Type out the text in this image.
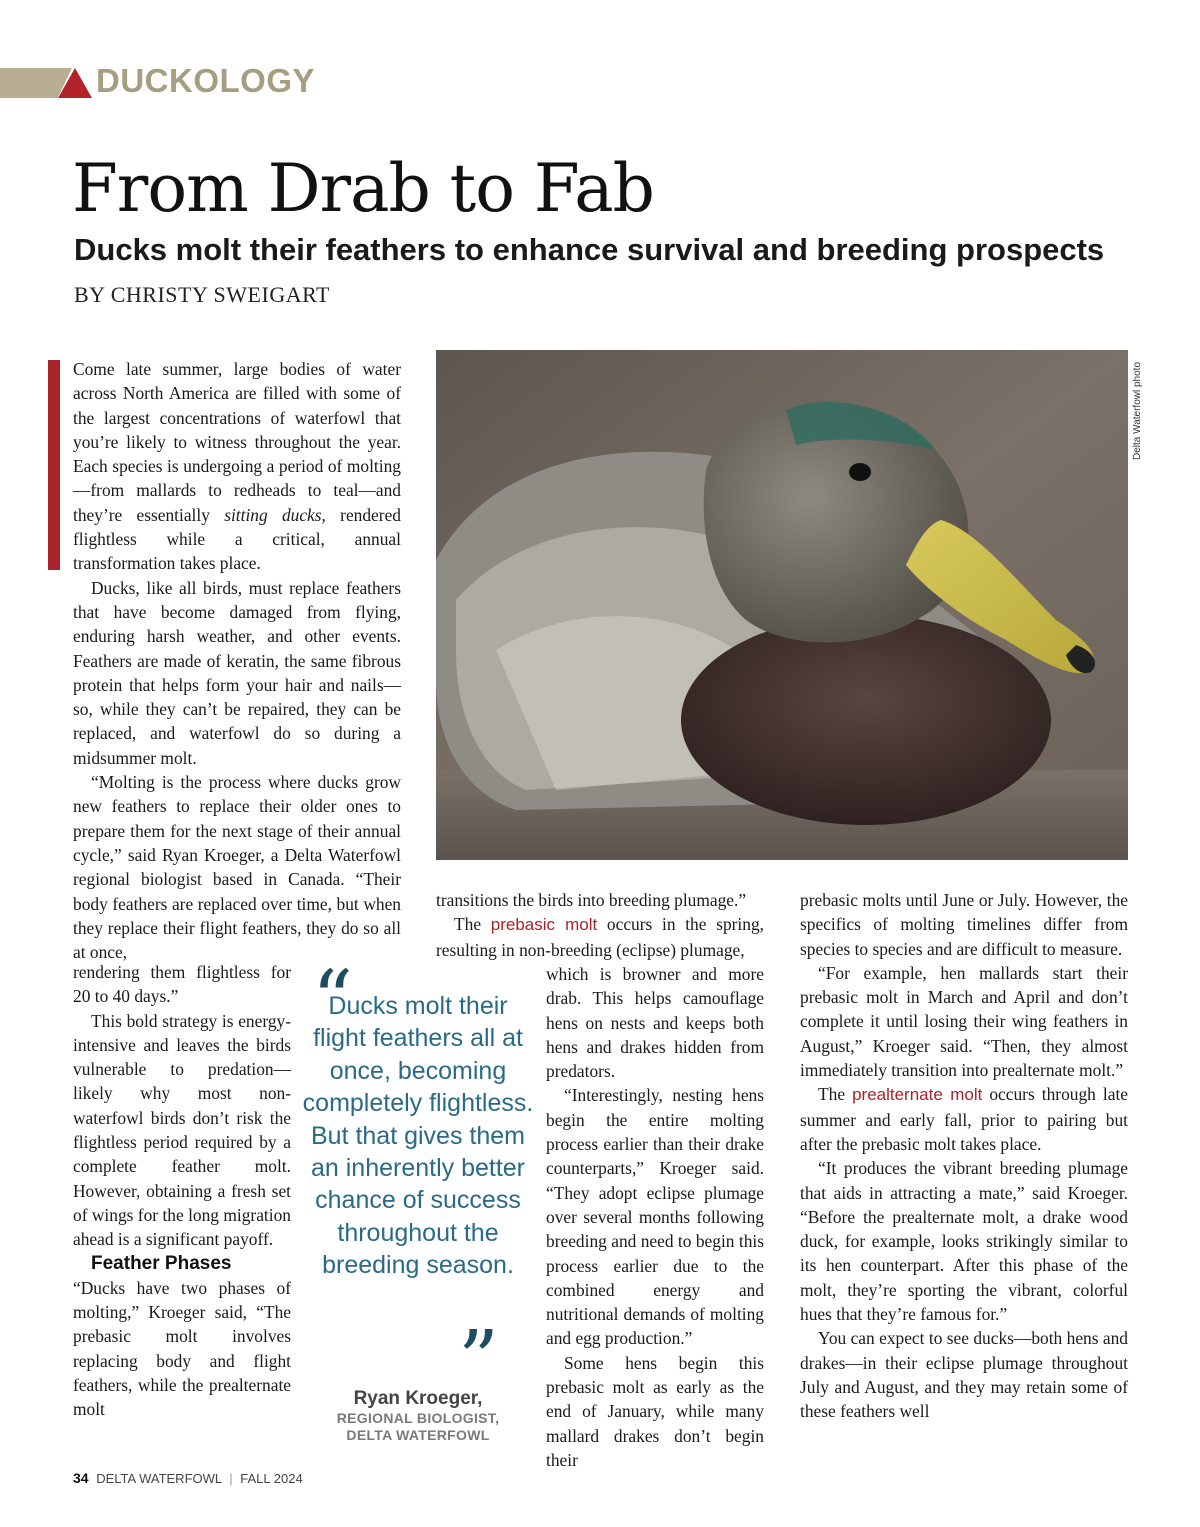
DUCKOLOGY
From Drab to Fab
Ducks molt their feathers to enhance survival and breeding prospects
BY CHRISTY SWEIGART
Delta Waterfowl photo

Come late summer, large bodies of water across North America are filled with some of the largest concentrations of waterfowl that you’re likely to witness throughout the year. Each species is undergoing a period of molting—from mallards to redheads to teal—and they’re essentially sitting ducks, rendered flightless while a critical, annual transformation takes place.

Ducks, like all birds, must replace feathers that have become damaged from flying, enduring harsh weather, and other events. Feathers are made of keratin, the same fibrous protein that helps form your hair and nails—so, while they can’t be repaired, they can be replaced, and waterfowl do so during a midsummer molt.

“Molting is the process where ducks grow new feathers to replace their older ones to prepare them for the next stage of their annual cycle,” said Ryan Kroeger, a Delta Waterfowl regional biologist based in Canada. “Their body feathers are replaced over time, but when they replace their flight feathers, they do so all at once,

rendering them flightless for 20 to 40 days.”

This bold strategy is energy-intensive and leaves the birds vulnerable to predation—likely why most non-waterfowl birds don’t risk the flightless period required by a complete feather molt. However, obtaining a fresh set of wings for the long migration ahead is a significant payoff.

Feather Phases

“Ducks have two phases of molting,” Kroeger said, “The prebasic molt involves replacing body and flight feathers, while the prealternate molt

transitions the birds into breeding plumage.”

The prebasic molt occurs in the spring, resulting in non-breeding (eclipse) plumage,

which is browner and more drab. This helps camouflage hens on nests and keeps both hens and drakes hidden from predators.

“Interestingly, nesting hens begin the entire molting process earlier than their drake counterparts,” Kroeger said. “They adopt eclipse plumage over several months following breeding and need to begin this process earlier due to the combined energy and nutritional demands of molting and egg production.”

Some hens begin this prebasic molt as early as the end of January, while many mallard drakes don’t begin their

prebasic molts until June or July. However, the specifics of molting timelines differ from species to species and are difficult to measure.

“For example, hen mallards start their prebasic molt in March and April and don’t complete it until losing their wing feathers in August,” Kroeger said. “Then, they almost immediately transition into prealternate molt.”

The prealternate molt occurs through late summer and early fall, prior to pairing but after the prebasic molt takes place.

“It produces the vibrant breeding plumage that aids in attracting a mate,” said Kroeger. “Before the prealternate molt, a drake wood duck, for example, looks strikingly similar to its hen counterpart. After this phase of the molt, they’re sporting the vibrant, colorful hues that they’re famous for.”

You can expect to see ducks—both hens and drakes—in their eclipse plumage throughout July and August, and they may retain some of these feathers well

“
Ducks molt their flight feathers all at once, becoming completely flightless. But that gives them an inherently better chance of success throughout the breeding season.
”
Ryan Kroeger,
REGIONAL BIOLOGIST,
DELTA WATERFOWL
34 DELTA WATERFOWL | FALL 2024
